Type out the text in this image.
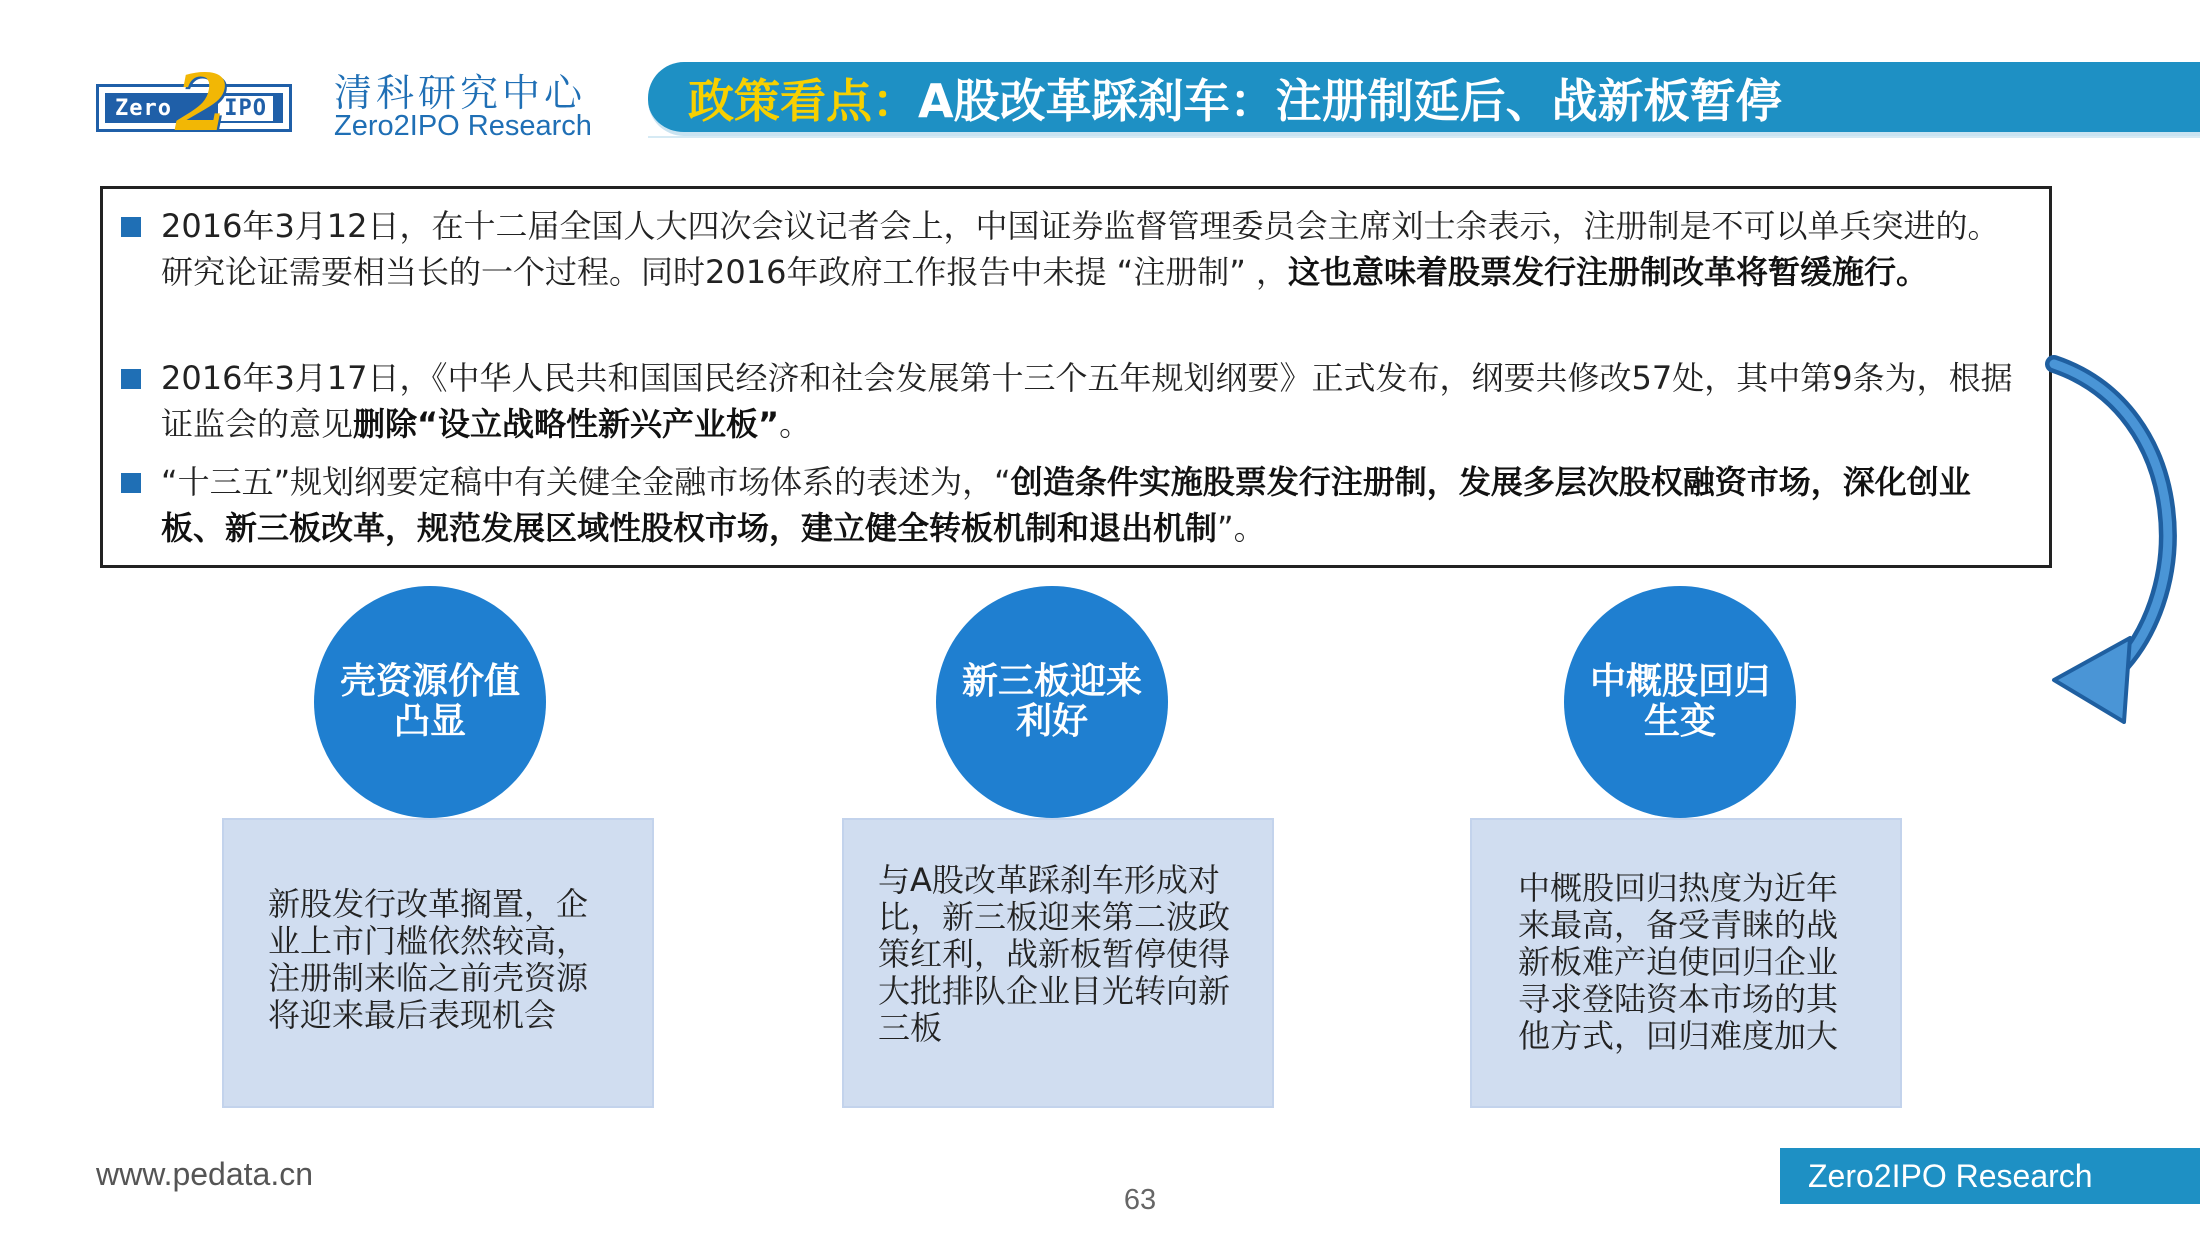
Zero IPO
2	清科研究中心
Zero2IPO Research 政策看点：A股改革踩刹车：注册制延后、战新板暂停
2016年3月12日，在十二届全国人大四次会议记者会上，中国证券监督管理委员会主席刘士余表示，注册制是不可以单兵突进的。研究论证需要相当长的一个过程。同时2016年政府工作报告中未提 “注册制” ，这也意味着股票发行注册制改革将暂缓施行。
2016年3月17日，《中华人民共和国国民经济和社会发展第十三个五年规划纲要》正式发布，纲要共修改57处，其中第9条为，根据证监会的意见删除“设立战略性新兴产业板”。
“十三五”规划纲要定稿中有关健全金融市场体系的表述为，“创造条件实施股票发行注册制，发展多层次股权融资市场，深化创业板、新三板改革，规范发展区域性股权市场，建立健全转板机制和退出机制”。
壳资源价值凸显
新三板迎来利好
中概股回归生变
新股发行改革搁置，企业上市门槛依然较高，注册制来临之前壳资源将迎来最后表现机会
与A股改革踩刹车形成对比，新三板迎来第二波政策红利，战新板暂停使得大批排队企业目光转向新三板
中概股回归热度为近年来最高，备受青睐的战新板难产迫使回归企业寻求登陆资本市场的其他方式，回归难度加大
www.pedata.cn
63
Zero2IPO Research
